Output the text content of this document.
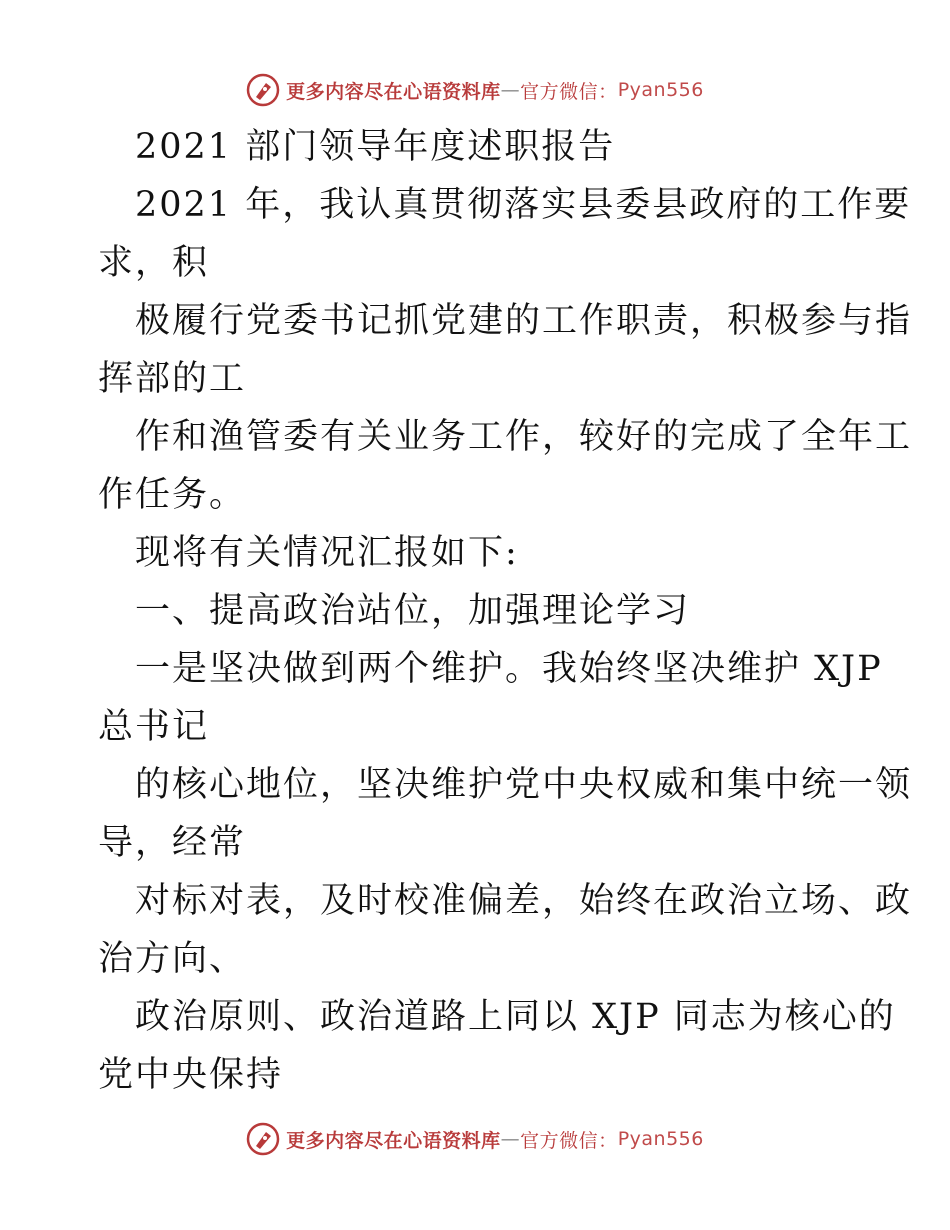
更多内容尽在心语资料库 — 官方微信： Pyan556
2021 部门领导年度述职报告
2021 年，我认真贯彻落实县委县政府的工作要
求，积
极履行党委书记抓党建的工作职责，积极参与指
挥部的工
作和渔管委有关业务工作，较好的完成了全年工
作任务。
现将有关情况汇报如下:
一、提高政治站位，加强理论学习
一是坚决做到两个维护。我始终坚决维护 XJP
总书记
的核心地位，坚决维护党中央权威和集中统一领
导，经常
对标对表，及时校准偏差，始终在政治立场、政
治方向、
政治原则、政治道路上同以 XJP 同志为核心的
党中央保持
更多内容尽在心语资料库 — 官方微信： Pyan556
